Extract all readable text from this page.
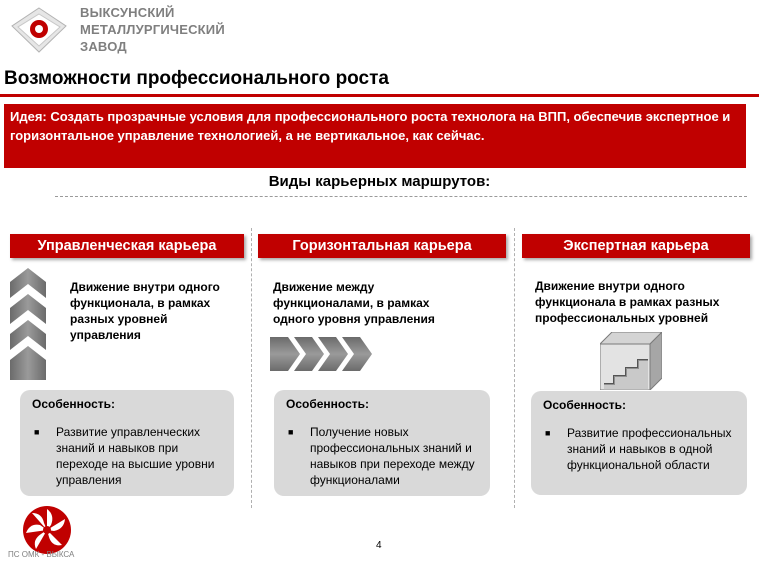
ВЫКСУНСКИЙ
МЕТАЛЛУРГИЧЕСКИЙ
ЗАВОД
Возможности профессионального роста
Идея: Создать прозрачные условия для профессионального роста технолога на ВПП, обеспечив экспертное и горизонтальное управление технологией, а не вертикальное, как сейчас.
Виды карьерных маршрутов:
Управленческая карьера
Движение внутри одного функционала, в рамках разных уровней управления
Особенность:
■ Развитие управленческих знаний и навыков при переходе на высшие уровни управления
Горизонтальная карьера
Движение между функционалами, в рамках одного уровня управления
Особенность:
■ Получение новых профессиональных знаний и навыков при переходе между функционалами
Экспертная карьера
Движение внутри одного функционала в рамках разных профессиональных уровней
Особенность:
■ Развитие профессиональных знаний и навыков в одной функциональной области
ПС ОМК - ВЫКСА
4
